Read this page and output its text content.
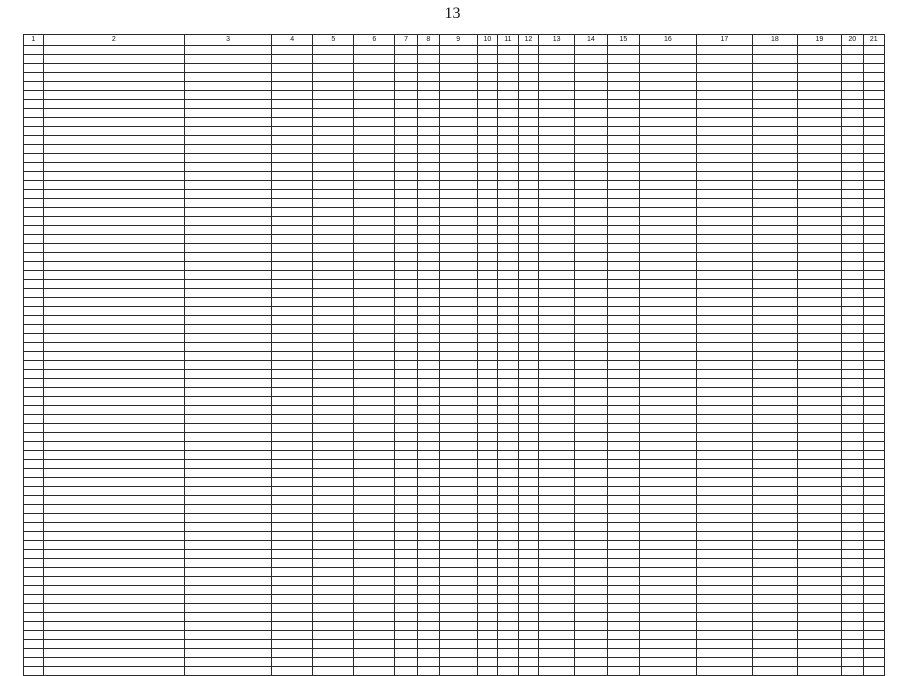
13
1	2	3	4	5	6	7	8	9	10	11	12	13	14	15	16	17	18	19	20	21
